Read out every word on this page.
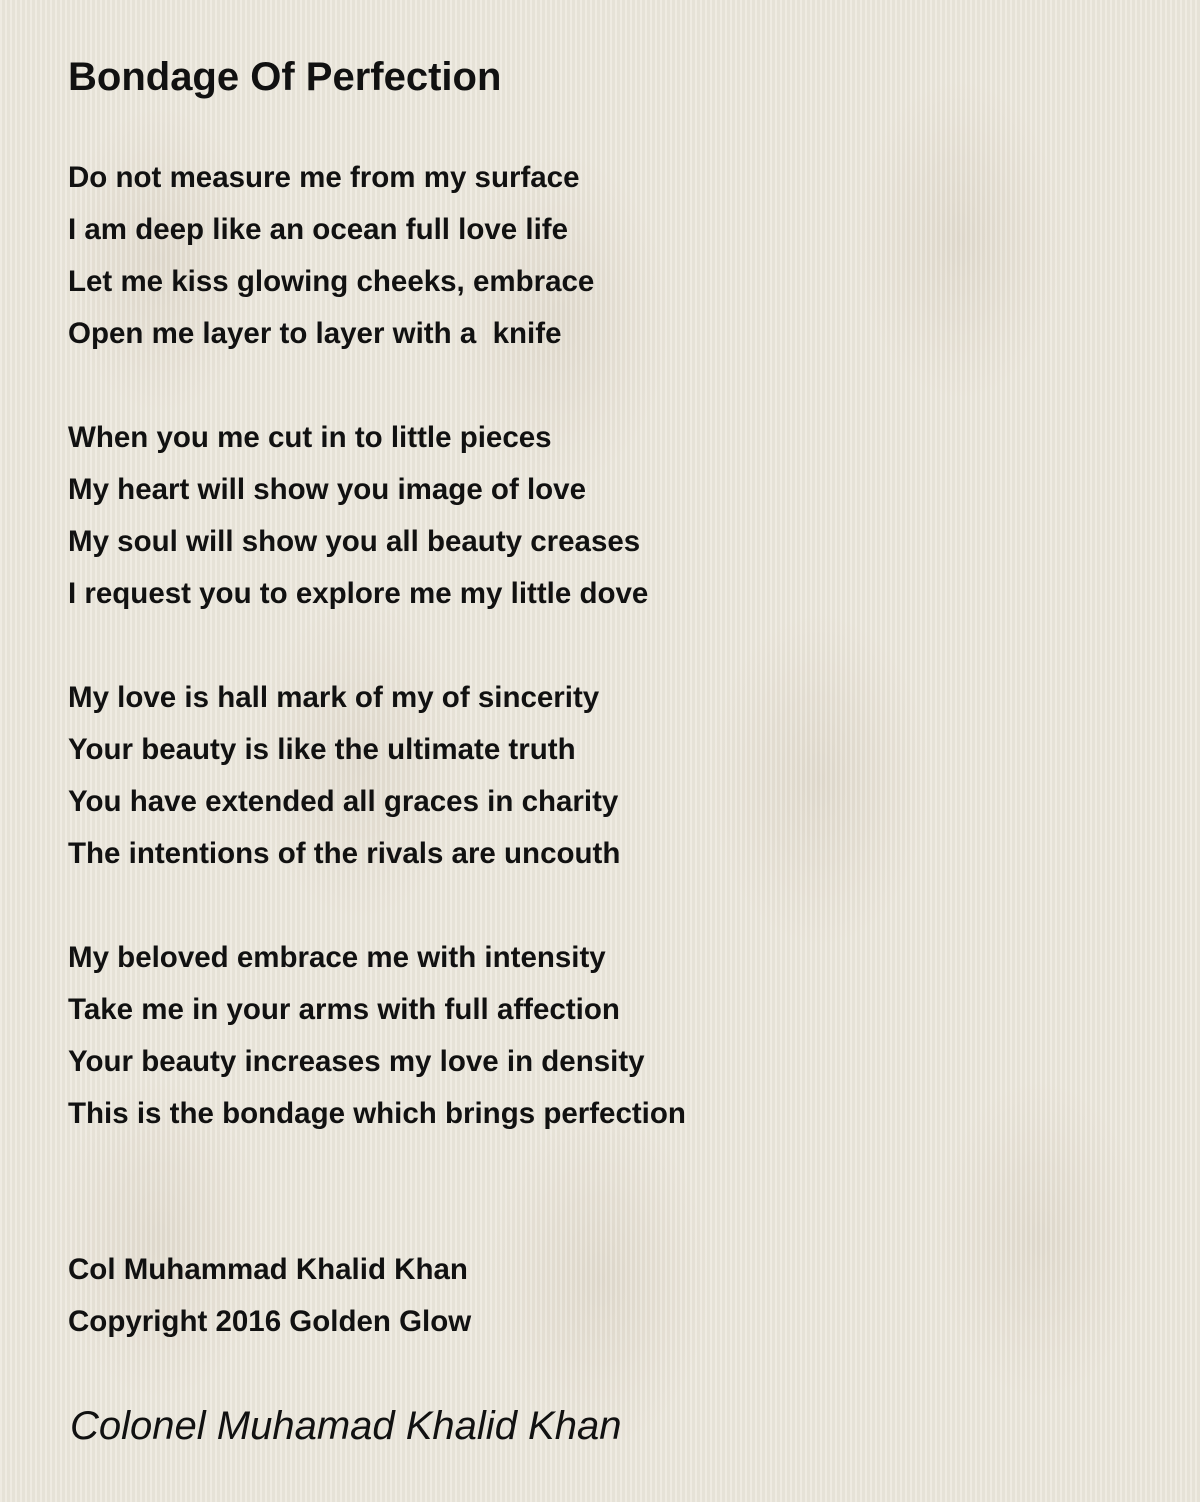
Bondage Of Perfection
Do not measure me from my surface
I am deep like an ocean full love life
Let me kiss glowing cheeks, embrace
Open me layer to layer with a  knife
When you me cut in to little pieces
My heart will show you image of love
My soul will show you all beauty creases
I request you to explore me my little dove
My love is hall mark of my of sincerity
Your beauty is like the ultimate truth
You have extended all graces in charity
The intentions of the rivals are uncouth
My beloved embrace me with intensity
Take me in your arms with full affection
Your beauty increases my love in density
This is the bondage which brings perfection
Col Muhammad Khalid Khan
Copyright 2016 Golden Glow
Colonel Muhamad Khalid Khan
